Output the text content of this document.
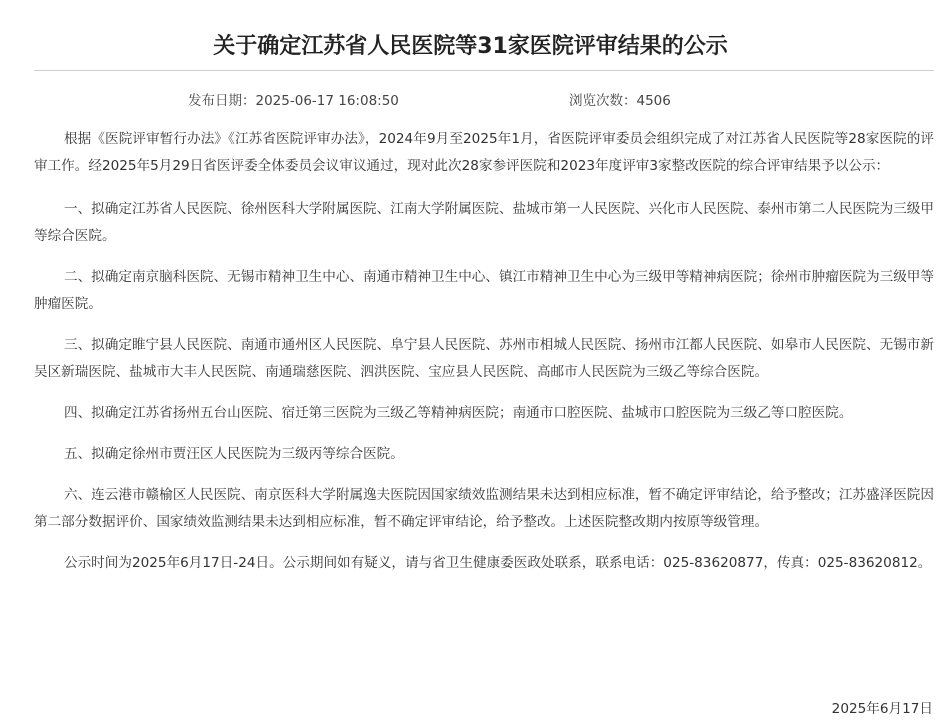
关于确定江苏省人民医院等31家医院评审结果的公示
发布日期：2025-06-17 16:08:50	浏览次数：4506

根据《医院评审暂行办法》《江苏省医院评审办法》，2024年9月至2025年1月，省医院评审委员会组织完成了对江苏省人民医院等28家医院的评审工作。经2025年5月29日省医评委全体委员会议审议通过，现对此次28家参评医院和2023年度评审3家整改医院的综合评审结果予以公示：

一、拟确定江苏省人民医院、徐州医科大学附属医院、江南大学附属医院、盐城市第一人民医院、兴化市人民医院、泰州市第二人民医院为三级甲等综合医院。

二、拟确定南京脑科医院、无锡市精神卫生中心、南通市精神卫生中心、镇江市精神卫生中心为三级甲等精神病医院；徐州市肿瘤医院为三级甲等肿瘤医院。

三、拟确定睢宁县人民医院、南通市通州区人民医院、阜宁县人民医院、苏州市相城人民医院、扬州市江都人民医院、如皋市人民医院、无锡市新吴区新瑞医院、盐城市大丰人民医院、南通瑞慈医院、泗洪医院、宝应县人民医院、高邮市人民医院为三级乙等综合医院。

四、拟确定江苏省扬州五台山医院、宿迁第三医院为三级乙等精神病医院；南通市口腔医院、盐城市口腔医院为三级乙等口腔医院。

五、拟确定徐州市贾汪区人民医院为三级丙等综合医院。

六、连云港市赣榆区人民医院、南京医科大学附属逸夫医院因国家绩效监测结果未达到相应标准，暂不确定评审结论，给予整改；江苏盛泽医院因第二部分数据评价、国家绩效监测结果未达到相应标准，暂不确定评审结论，给予整改。上述医院整改期内按原等级管理。

公示时间为2025年6月17日-24日。公示期间如有疑义，请与省卫生健康委医政处联系，联系电话：025-83620877，传真：025-83620812。

2025年6月17日
